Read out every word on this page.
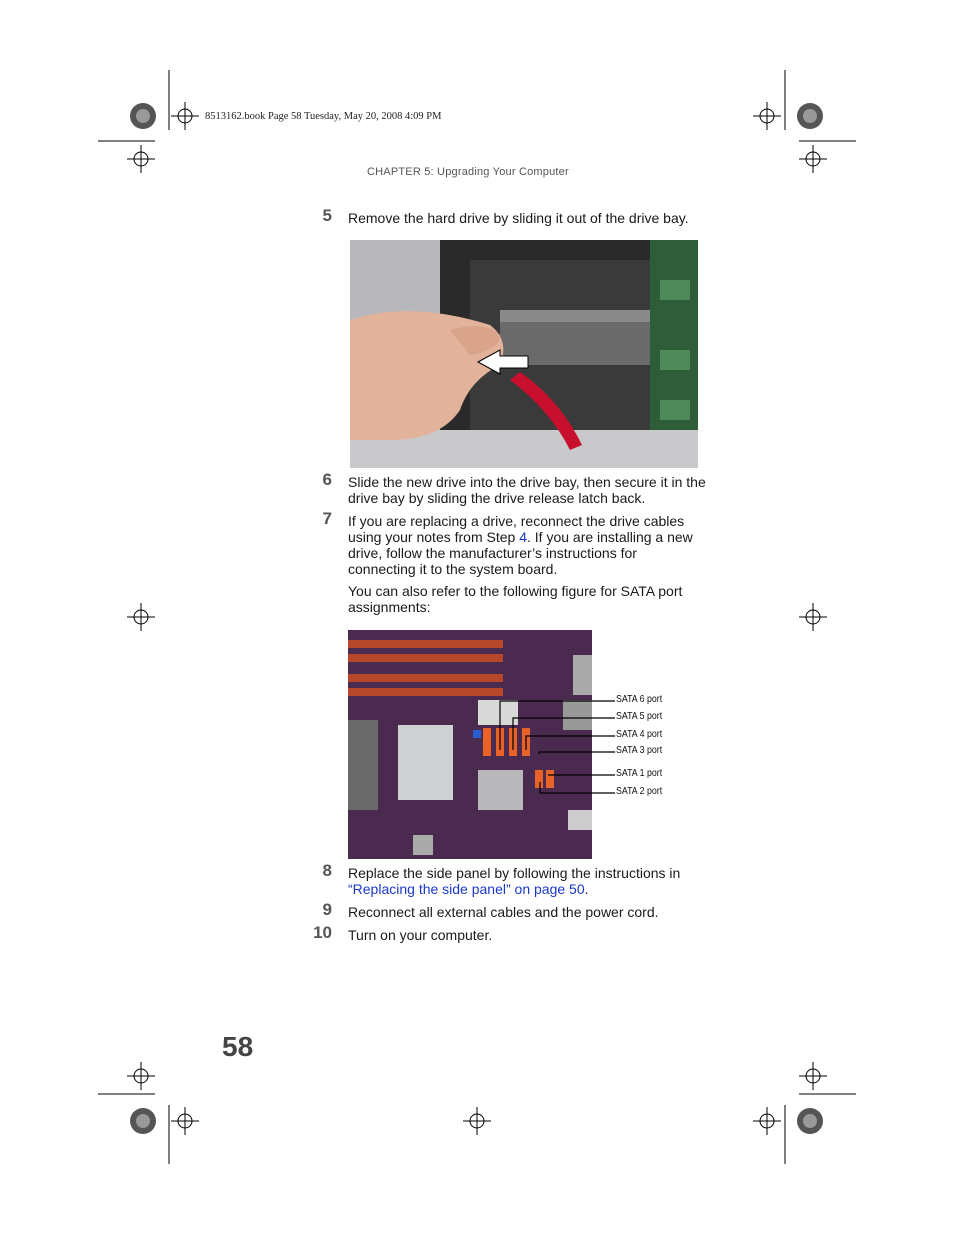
8513162.book Page 58 Tuesday, May 20, 2008 4:09 PM
CHAPTER 5: Upgrading Your Computer
5 Remove the hard drive by sliding it out of the drive bay.
6 Slide the new drive into the drive bay, then secure it in the drive bay by sliding the drive release latch back.
7 If you are replacing a drive, reconnect the drive cables using your notes from Step 4. If you are installing a new drive, follow the manufacturer’s instructions for connecting it to the system board.
You can also refer to the following figure for SATA port assignments:
SATA 6 port
SATA 5 port
SATA 4 port
SATA 3 port
SATA 1 port
SATA 2 port
8 Replace the side panel by following the instructions in “Replacing the side panel” on page 50.
9 Reconnect all external cables and the power cord.
10 Turn on your computer.
58
